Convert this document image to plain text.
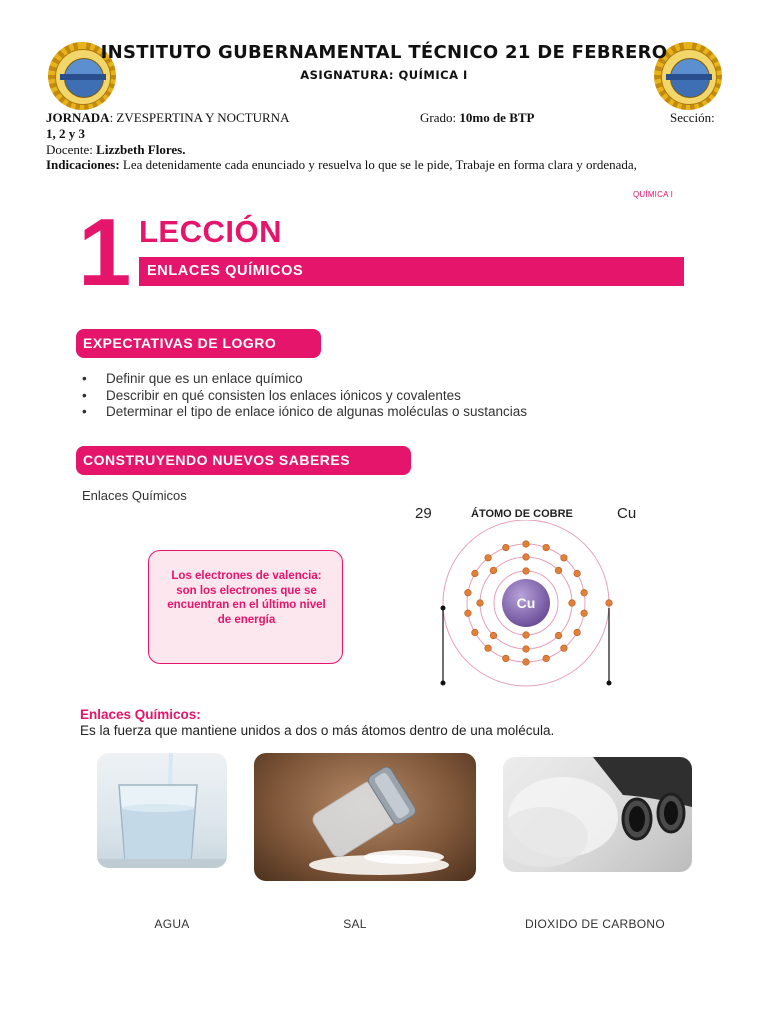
INSTITUTO GUBERNAMENTAL TÉCNICO 21 DE FEBRERO
ASIGNATURA: QUÍMICA I
JORNADA: ZVESPERTINA Y NOCTURNA	Grado: 10mo de BTP	Sección:
1, 2 y 3
Docente: Lizzbeth Flores.
Indicaciones: Lea detenidamente cada enunciado y resuelva lo que se le pide, Trabaje en forma clara y ordenada,
QUÍMICA I
1 LECCIÓN
ENLACES QUÍMICOS
EXPECTATIVAS DE LOGRO
• Definir que es un enlace químico
• Describir en qué consisten los enlaces iónicos y covalentes
• Determinar el tipo de enlace iónico de algunas moléculas o sustancias
CONSTRUYENDO NUEVOS SABERES
Enlaces Químicos
Los electrones de valencia: son los electrones que se encuentran en el último nivel de energía
29	ÁTOMO DE COBRE	Cu
Cu
Enlaces Químicos:
Es la fuerza que mantiene unidos a dos o más átomos dentro de una molécula.
AGUA	SAL	DIOXIDO DE CARBONO
